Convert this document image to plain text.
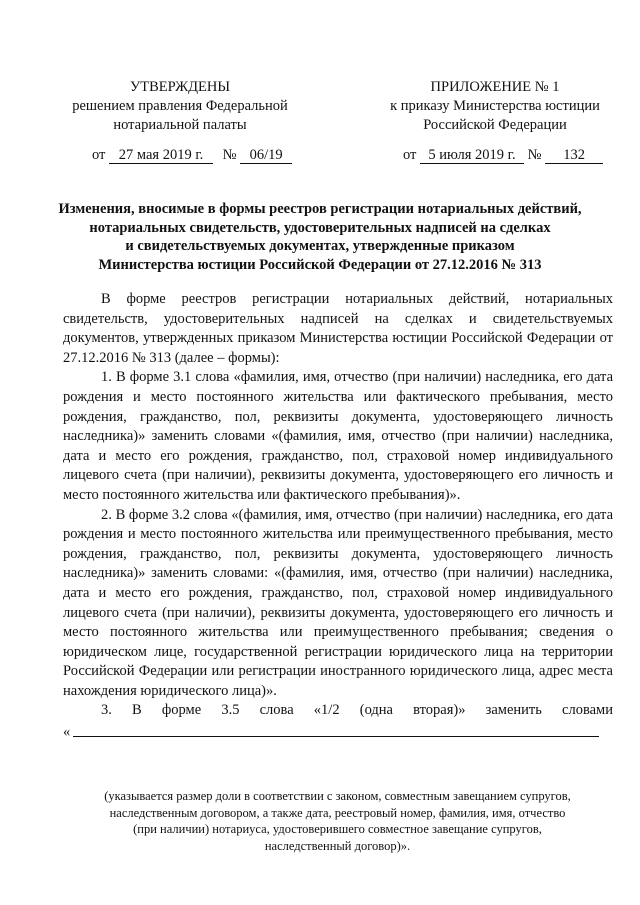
УТВЕРЖДЕНЫ
решением правления Федеральной
нотариальной палаты
ПРИЛОЖЕНИЕ № 1
к приказу Министерства юстиции
Российской Федерации
от 27 мая 2019 г. № 06/19	от 5 июля 2019 г. № 132
Изменения, вносимые в формы реестров регистрации нотариальных действий,
нотариальных свидетельств, удостоверительных надписей на сделках
и свидетельствуемых документах, утвержденные приказом
Министерства юстиции Российской Федерации от 27.12.2016 № 313

В форме реестров регистрации нотариальных действий, нотариальных свидетельств, удостоверительных надписей на сделках и свидетельствуемых документов, утвержденных приказом Министерства юстиции Российской Федерации от 27.12.2016 № 313 (далее – формы):

1. В форме 3.1 слова «фамилия, имя, отчество (при наличии) наследника, его дата рождения и место постоянного жительства или фактического пребывания, место рождения, гражданство, пол, реквизиты документа, удостоверяющего личность наследника)» заменить словами «(фамилия, имя, отчество (при наличии) наследника, дата и место его рождения, гражданство, пол, страховой номер индивидуального лицевого счета (при наличии), реквизиты документа, удостоверяющего его личность и место постоянного жительства или фактического пребывания)».

2. В форме 3.2 слова «(фамилия, имя, отчество (при наличии) наследника, его дата рождения и место постоянного жительства или преимущественного пребывания, место рождения, гражданство, пол, реквизиты документа, удостоверяющего личность наследника)» заменить словами: «(фамилия, имя, отчество (при наличии) наследника, дата и место его рождения, гражданство, пол, страховой номер индивидуального лицевого счета (при наличии), реквизиты документа, удостоверяющего его личность и место постоянного жительства или преимущественного пребывания; сведения о юридическом лице, государственной регистрации юридического лица на территории Российской Федерации или регистрации иностранного юридического лица, адрес места нахождения юридического лица)».

3. В форме 3.5 слова «1/2 (одна вторая)» заменить словами

«
(указывается размер доли в соответствии с законом, совместным завещанием супругов,
наследственным договором, а также дата, реестровый номер, фамилия, имя, отчество
(при наличии) нотариуса, удостоверившего совместное завещание супругов,
наследственный договор)».
